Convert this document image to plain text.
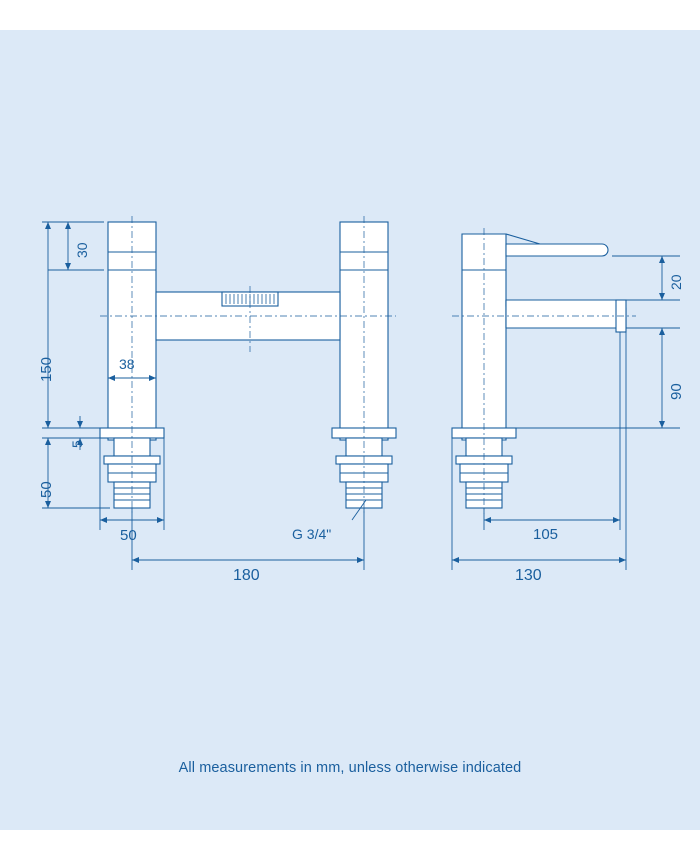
30
150	38
5
50
50	G 3/4"
180
20
90
105
130
All measurements in mm, unless otherwise indicated
